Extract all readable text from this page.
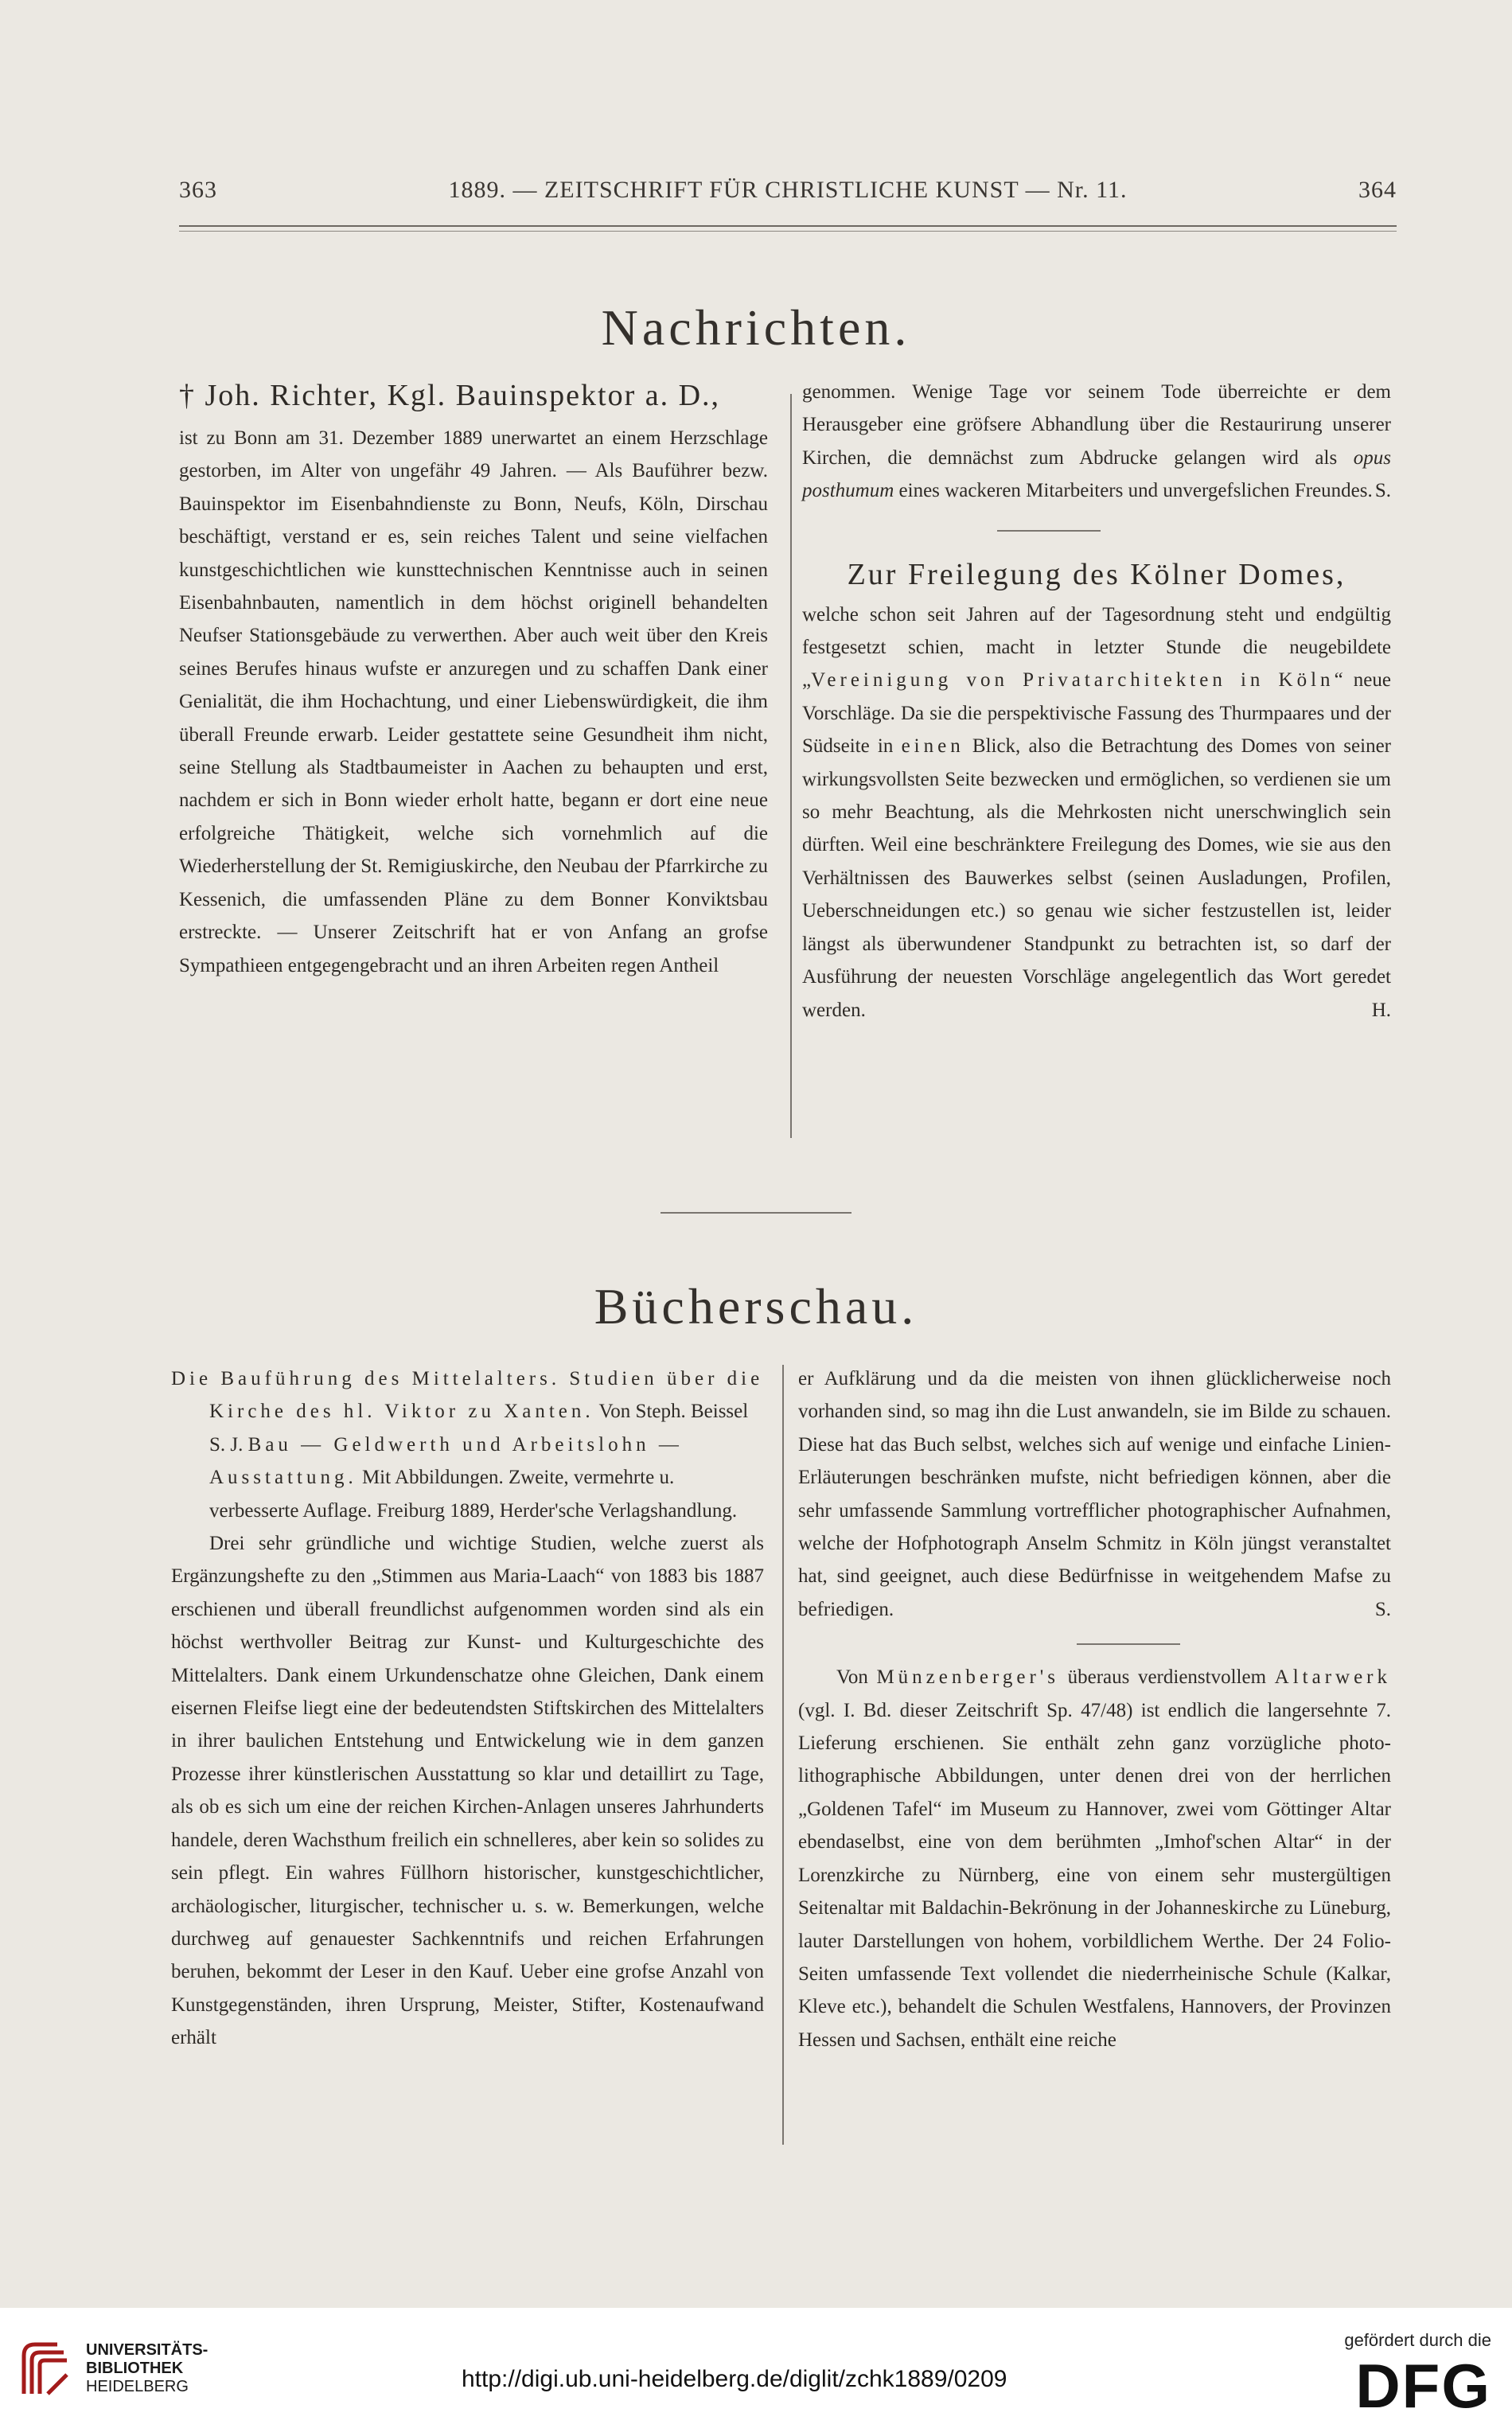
363	1889. — ZEITSCHRIFT FÜR CHRISTLICHE KUNST — Nr. 11.	364
Nachrichten.

† Joh. Richter, Kgl. Bauinspektor a. D.,

ist zu Bonn am 31. Dezember 1889 unerwartet an einem Herzschlage gestorben, im Alter von ungefähr 49 Jahren. — Als Bauführer bezw. Bauinspektor im Eisenbahndienste zu Bonn, Neufs, Köln, Dirschau beschäftigt, verstand er es, sein reiches Talent und seine vielfachen kunstgeschichtlichen wie kunsttechnischen Kenntnisse auch in seinen Eisenbahnbauten, namentlich in dem höchst originell behandelten Neufser Stationsgebäude zu verwerthen. Aber auch weit über den Kreis seines Berufes hinaus wufste er anzuregen und zu schaffen Dank einer Genialität, die ihm Hochachtung, und einer Liebenswürdigkeit, die ihm überall Freunde erwarb. Leider gestattete seine Gesundheit ihm nicht, seine Stellung als Stadtbaumeister in Aachen zu behaupten und erst, nachdem er sich in Bonn wieder erholt hatte, begann er dort eine neue erfolgreiche Thätigkeit, welche sich vornehmlich auf die Wiederherstellung der St. Remigiuskirche, den Neubau der Pfarrkirche zu Kessenich, die umfassenden Pläne zu dem Bonner Konviktsbau erstreckte. — Unserer Zeitschrift hat er von Anfang an grofse Sympathieen entgegengebracht und an ihren Arbeiten regen Antheil

genommen. Wenige Tage vor seinem Tode überreichte er dem Herausgeber eine gröfsere Abhandlung über die Restaurirung unserer Kirchen, die demnächst zum Abdrucke gelangen wird als opus posthumum eines wackeren Mitarbeiters und unvergefslichen Freundes. S.

Zur Freilegung des Kölner Domes,

welche schon seit Jahren auf der Tagesordnung steht und endgültig festgesetzt schien, macht in letzter Stunde die neugebildete „Vereinigung von Privatarchitekten in Köln“ neue Vorschläge. Da sie die perspektivische Fassung des Thurmpaares und der Südseite in einen Blick, also die Betrachtung des Domes von seiner wirkungsvollsten Seite bezwecken und ermöglichen, so verdienen sie um so mehr Beachtung, als die Mehrkosten nicht unerschwinglich sein dürften. Weil eine beschränktere Freilegung des Domes, wie sie aus den Verhältnissen des Bauwerkes selbst (seinen Ausladungen, Profilen, Ueberschneidungen etc.) so genau wie sicher festzustellen ist, leider längst als überwundener Standpunkt zu betrachten ist, so darf der Ausführung der neuesten Vorschläge angelegentlich das Wort geredet werden.	H.

Bücherschau.

Die Bauführung des Mittelalters. Studien über die Kirche des hl. Viktor zu Xanten. Von Steph. Beissel S. J. Bau — Geldwerth und Arbeitslohn — Ausstattung. Mit Abbildungen. Zweite, vermehrte u. verbesserte Auflage. Freiburg 1889, Herder'sche Verlagshandlung.

Drei sehr gründliche und wichtige Studien, welche zuerst als Ergänzungshefte zu den „Stimmen aus Maria-Laach“ von 1883 bis 1887 erschienen und überall freundlichst aufgenommen worden sind als ein höchst werthvoller Beitrag zur Kunst- und Kulturgeschichte des Mittelalters. Dank einem Urkundenschatze ohne Gleichen, Dank einem eisernen Fleifse liegt eine der bedeutendsten Stiftskirchen des Mittelalters in ihrer baulichen Entstehung und Entwickelung wie in dem ganzen Prozesse ihrer künstlerischen Ausstattung so klar und detaillirt zu Tage, als ob es sich um eine der reichen Kirchen-Anlagen unseres Jahrhunderts handele, deren Wachsthum freilich ein schnelleres, aber kein so solides zu sein pflegt. Ein wahres Füllhorn historischer, kunstgeschichtlicher, archäologischer, liturgischer, technischer u. s. w. Bemerkungen, welche durchweg auf genauester Sachkenntnifs und reichen Erfahrungen beruhen, bekommt der Leser in den Kauf. Ueber eine grofse Anzahl von Kunstgegenständen, ihren Ursprung, Meister, Stifter, Kostenaufwand erhält

er Aufklärung und da die meisten von ihnen glücklicherweise noch vorhanden sind, so mag ihn die Lust anwandeln, sie im Bilde zu schauen. Diese hat das Buch selbst, welches sich auf wenige und einfache Linien-Erläuterungen beschränken mufste, nicht befriedigen können, aber die sehr umfassende Sammlung vortrefflicher photographischer Aufnahmen, welche der Hofphotograph Anselm Schmitz in Köln jüngst veranstaltet hat, sind geeignet, auch diese Bedürfnisse in weitgehendem Mafse zu befriedigen.	S.

Von Münzenberger's überaus verdienstvollem Altarwerk (vgl. I. Bd. dieser Zeitschrift Sp. 47/48) ist endlich die langersehnte 7. Lieferung erschienen. Sie enthält zehn ganz vorzügliche photo-lithographische Abbildungen, unter denen drei von der herrlichen „Goldenen Tafel“ im Museum zu Hannover, zwei vom Göttinger Altar ebendaselbst, eine von dem berühmten „Imhof'schen Altar“ in der Lorenzkirche zu Nürnberg, eine von einem sehr mustergültigen Seitenaltar mit Baldachin-Bekrönung in der Johanneskirche zu Lüneburg, lauter Darstellungen von hohem, vorbildlichem Werthe. Der 24 Folio-Seiten umfassende Text vollendet die niederrheinische Schule (Kalkar, Kleve etc.), behandelt die Schulen Westfalens, Hannovers, der Provinzen Hessen und Sachsen, enthält eine reiche

UNIVERSITÄTS-
BIBLIOTHEK
HEIDELBERG	http://digi.ub.uni-heidelberg.de/diglit/zchk1889/0209
gefördert durch die
DFG
